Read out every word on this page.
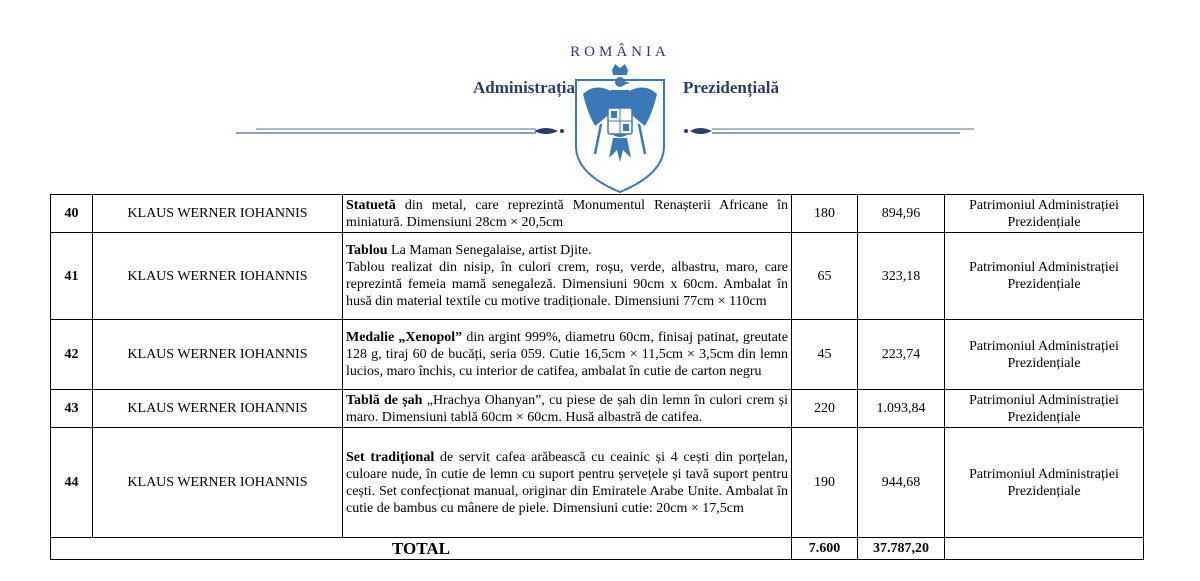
ROMÂNIA
Administrația	Prezidențială
40	KLAUS WERNER IOHANNIS	Statuetă din metal, care reprezintă Monumentul Renașterii Africane în miniatură. Dimensiuni 28cm × 20,5cm	180	894,96	Patrimoniul Administrației
Prezidențiale

41	KLAUS WERNER IOHANNIS	Tablou La Maman Senegalaise, artist Djite.
Tablou realizat din nisip, în culori crem, roșu, verde, albastru, maro, care reprezintă femeia mamă senegaleză. Dimensiuni 90cm x 60cm. Ambalat în husă din material textile cu motive tradiționale. Dimensiuni 77cm × 110cm	65	323,18	Patrimoniul Administrației
Prezidențiale

42	KLAUS WERNER IOHANNIS	Medalie „Xenopol” din argint 999%, diametru 60cm, finisaj patinat, greutate 128 g, tiraj 60 de bucăți, seria 059. Cutie 16,5cm × 11,5cm × 3,5cm din lemn lucios, maro închis, cu interior de catifea, ambalat în cutie de carton negru	45	223,74	Patrimoniul Administrației
Prezidențiale

43	KLAUS WERNER IOHANNIS	Tablă de șah „Hrachya Ohanyan”, cu piese de șah din lemn în culori crem și maro. Dimensiuni tablă 60cm × 60cm. Husă albastră de catifea.	220	1.093,84	Patrimoniul Administrației
Prezidențiale

44	KLAUS WERNER IOHANNIS	Set tradițional de servit cafea arăbească cu ceainic și 4 cești din porțelan, culoare nude, în cutie de lemn cu suport pentru șervețele și tavă suport pentru cești. Set confecționat manual, originar din Emiratele Arabe Unite. Ambalat în cutie de bambus cu mânere de piele. Dimensiuni cutie: 20cm × 17,5cm	190	944,68	Patrimoniul Administrației
Prezidențiale

TOTAL			7.600	37.787,20	
